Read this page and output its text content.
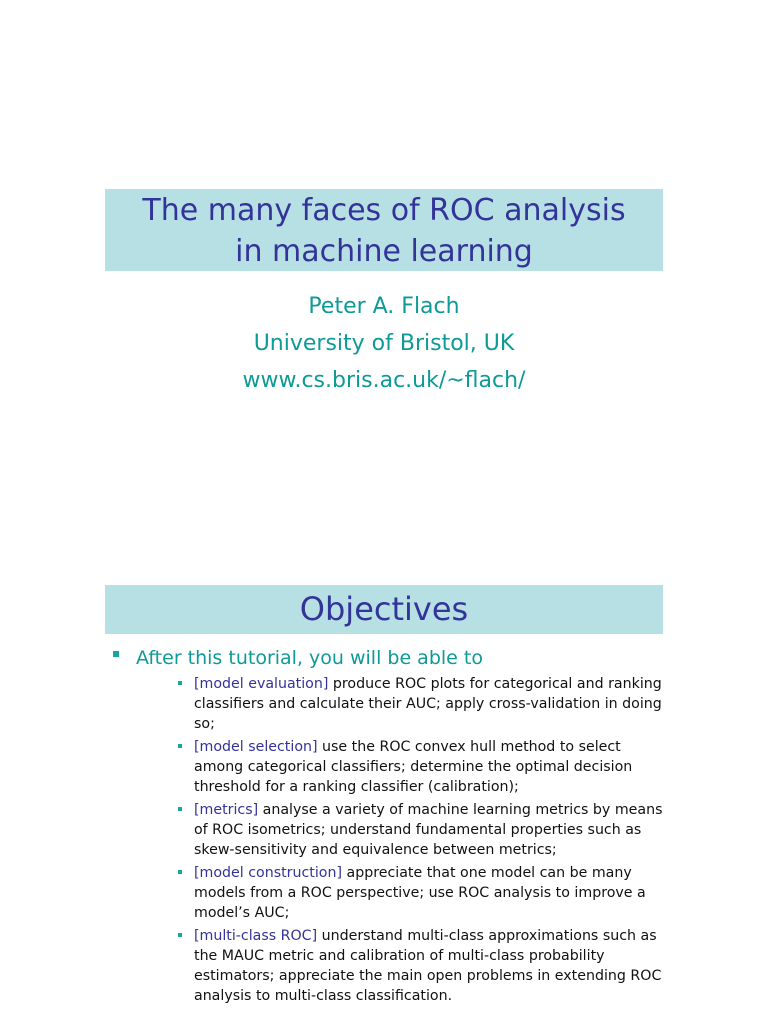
The many faces of ROC analysis
in machine learning
Peter A. Flach
University of Bristol, UK
www.cs.bris.ac.uk/~flach/
Objectives
After this tutorial, you will be able to
[model evaluation] produce ROC plots for categorical and ranking classifiers and calculate their AUC; apply cross-validation in doing so;
[model selection] use the ROC convex hull method to select among categorical classifiers; determine the optimal decision threshold for a ranking classifier (calibration);
[metrics] analyse a variety of machine learning metrics by means of ROC isometrics; understand fundamental properties such as skew-sensitivity and equivalence between metrics;
[model construction] appreciate that one model can be many models from a ROC perspective; use ROC analysis to improve a model’s AUC;
[multi-class ROC] understand multi-class approximations such as the MAUC metric and calibration of multi-class probability estimators; appreciate the main open problems in extending ROC analysis to multi-class classification.
